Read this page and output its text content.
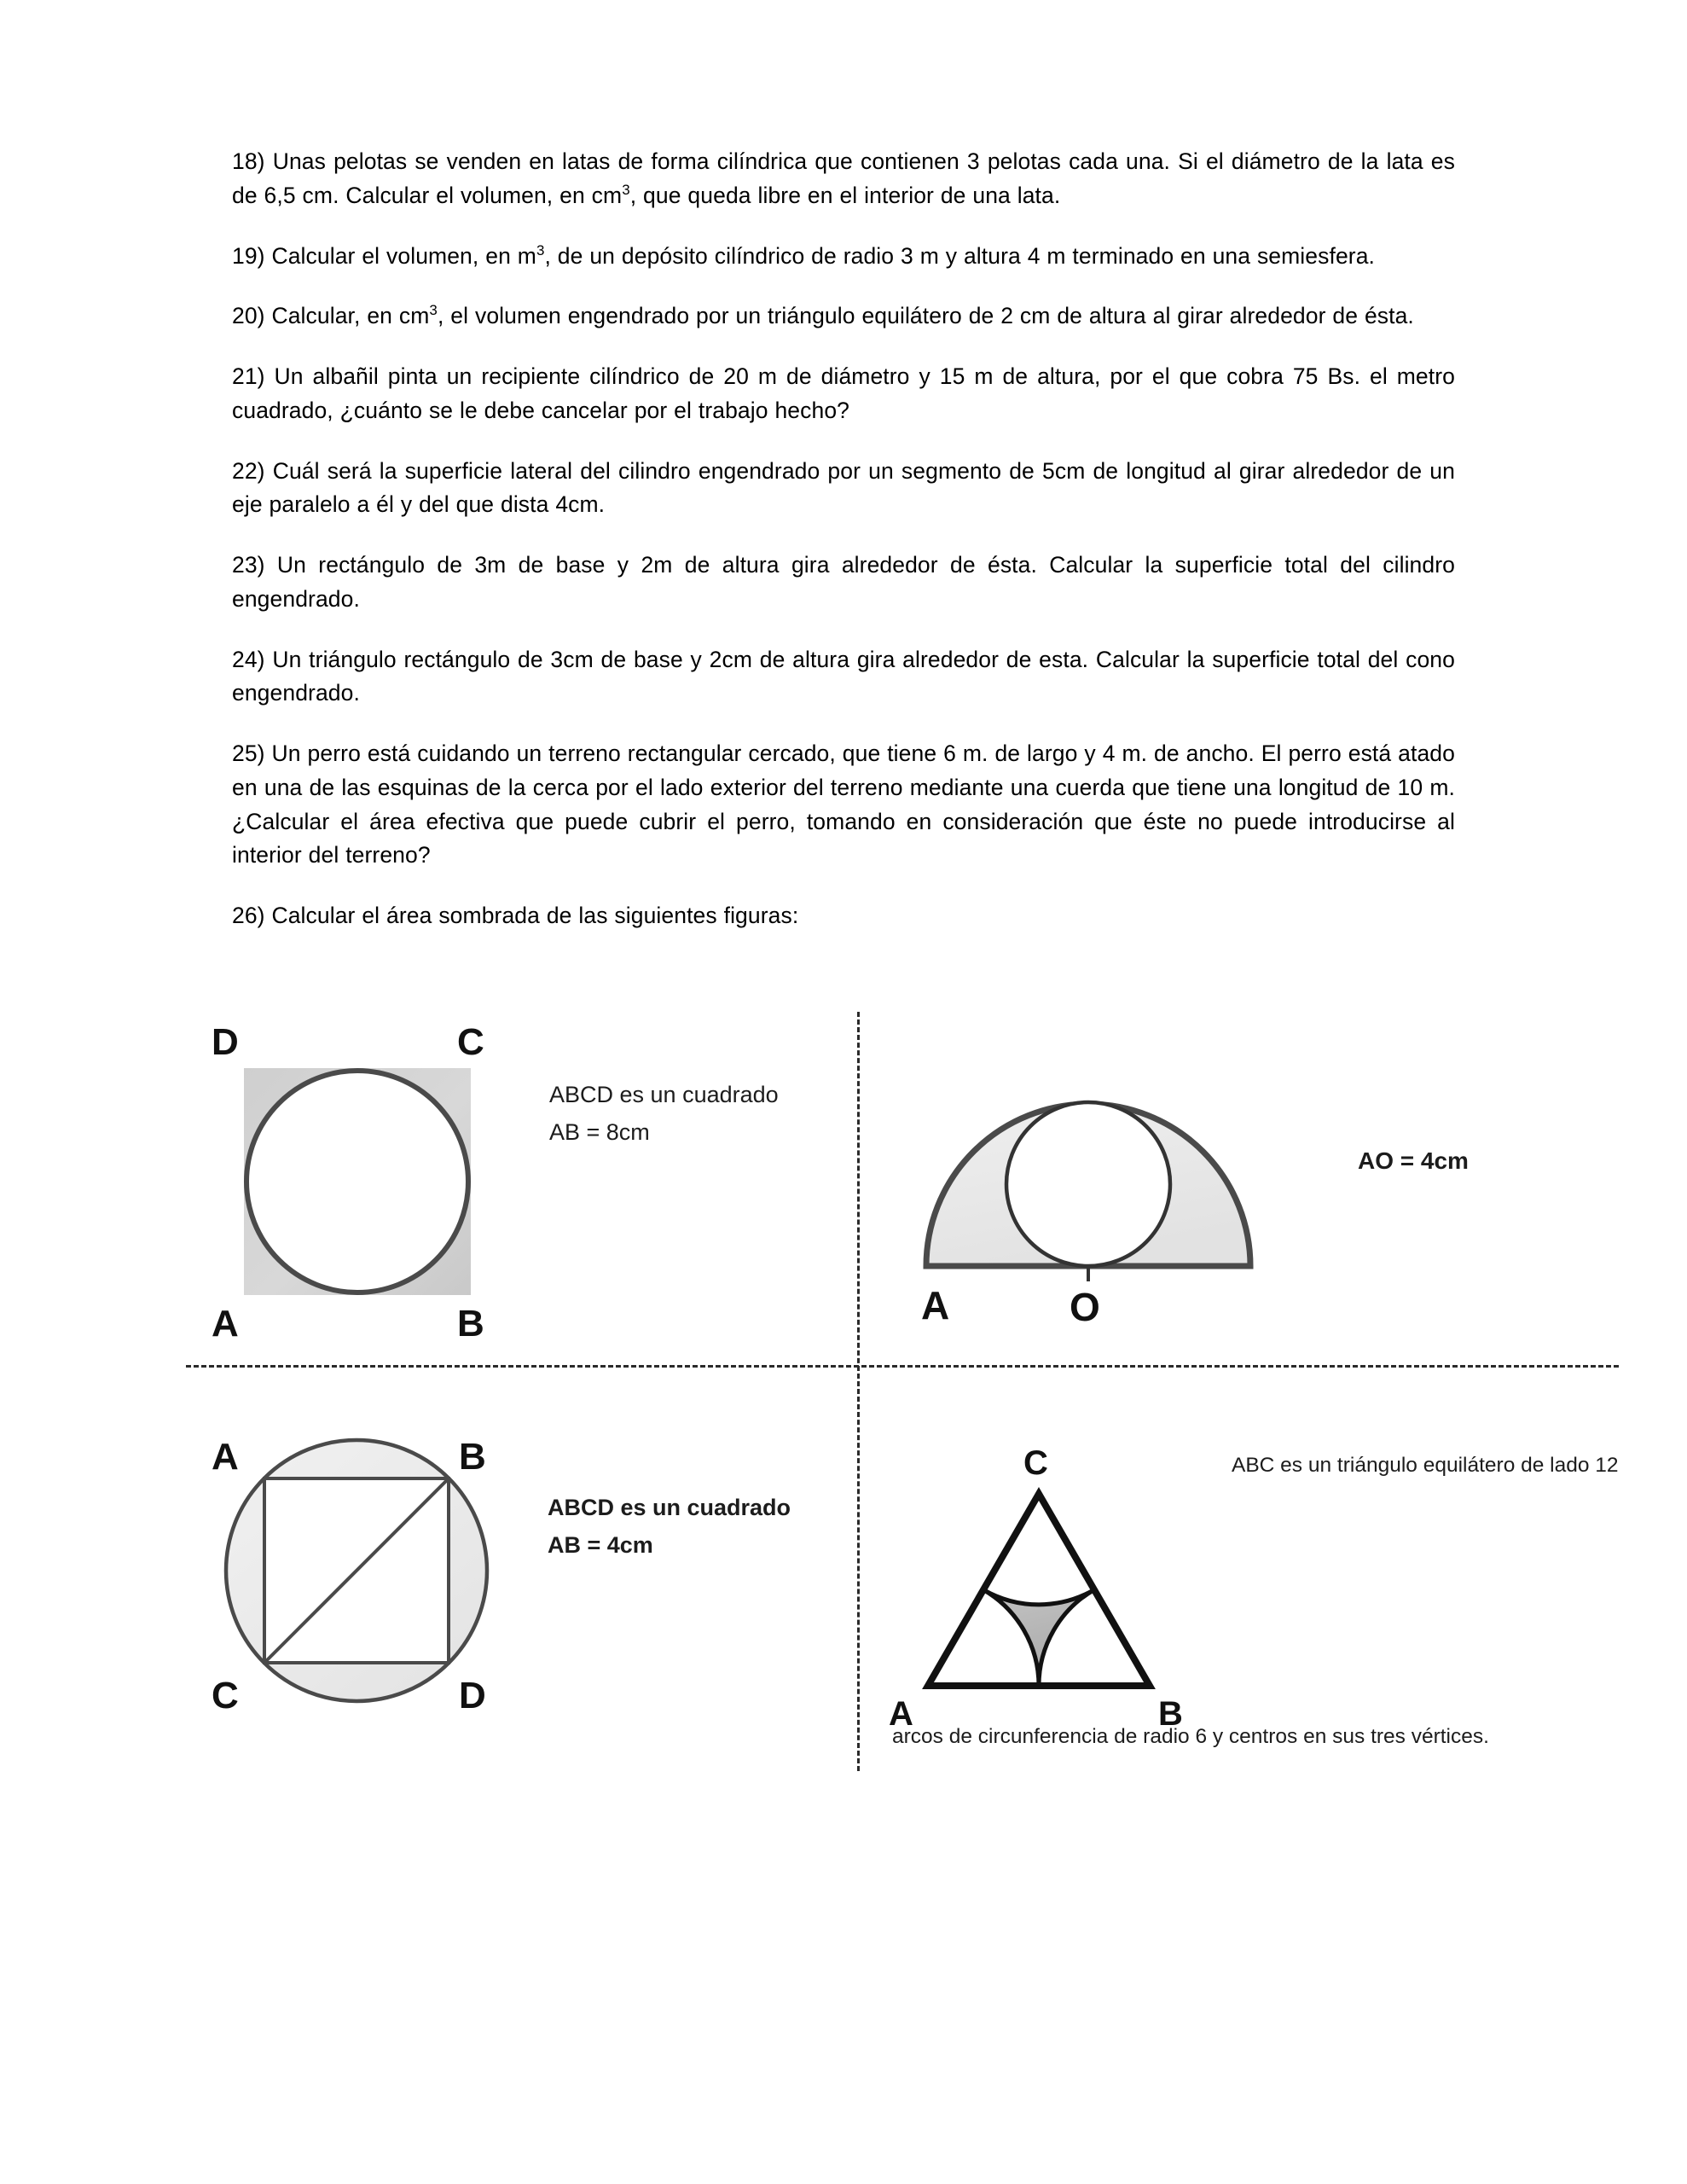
18) Unas pelotas se venden en latas de forma cilíndrica que contienen 3 pelotas cada una. Si el diámetro de la lata es de 6,5 cm. Calcular el volumen, en $cm^3$, que queda libre en el interior de una lata.

19) Calcular el volumen, en $m^3$, de un depósito cilíndrico de radio 3 m y altura 4 m terminado en una semiesfera.

20) Calcular, en $cm^3$, el volumen engendrado por un triángulo equilátero de 2 cm de altura al girar alrededor de ésta.

21) Un albañil pinta un recipiente cilíndrico de 20 m de diámetro y 15 m de altura, por el que cobra 75 Bs. el metro cuadrado, ¿cuánto se le debe cancelar por el trabajo hecho?

22) Cuál será la superficie lateral del cilindro engendrado por un segmento de 5cm de longitud al girar alrededor de un eje paralelo a él y del que dista 4cm.

23) Un rectángulo de 3m de base y 2m de altura gira alrededor de ésta. Calcular la superficie total del cilindro engendrado.

24) Un triángulo rectángulo de 3cm de base y 2cm de altura gira alrededor de esta. Calcular la superficie total del cono engendrado.

25) Un perro está cuidando un terreno rectangular cercado, que tiene 6 m. de largo y 4 m. de ancho. El perro está atado en una de las esquinas de la cerca por el lado exterior del terreno mediante una cuerda que tiene una longitud de 10 m. ¿Calcular el área efectiva que puede cubrir el perro, tomando en consideración que éste no puede introducirse al interior del terreno?

26) Calcular el área sombrada de las siguientes figuras:

D	C
A	B
ABCD es un cuadrado
AB = 8cm
A	O
AO = 4cm
A	B
C	D
ABCD es un cuadrado
AB = 4cm
C
A	B
ABC es un triángulo equilátero de lado 12
arcos de circunferencia de radio 6 y centros en sus tres vértices.
